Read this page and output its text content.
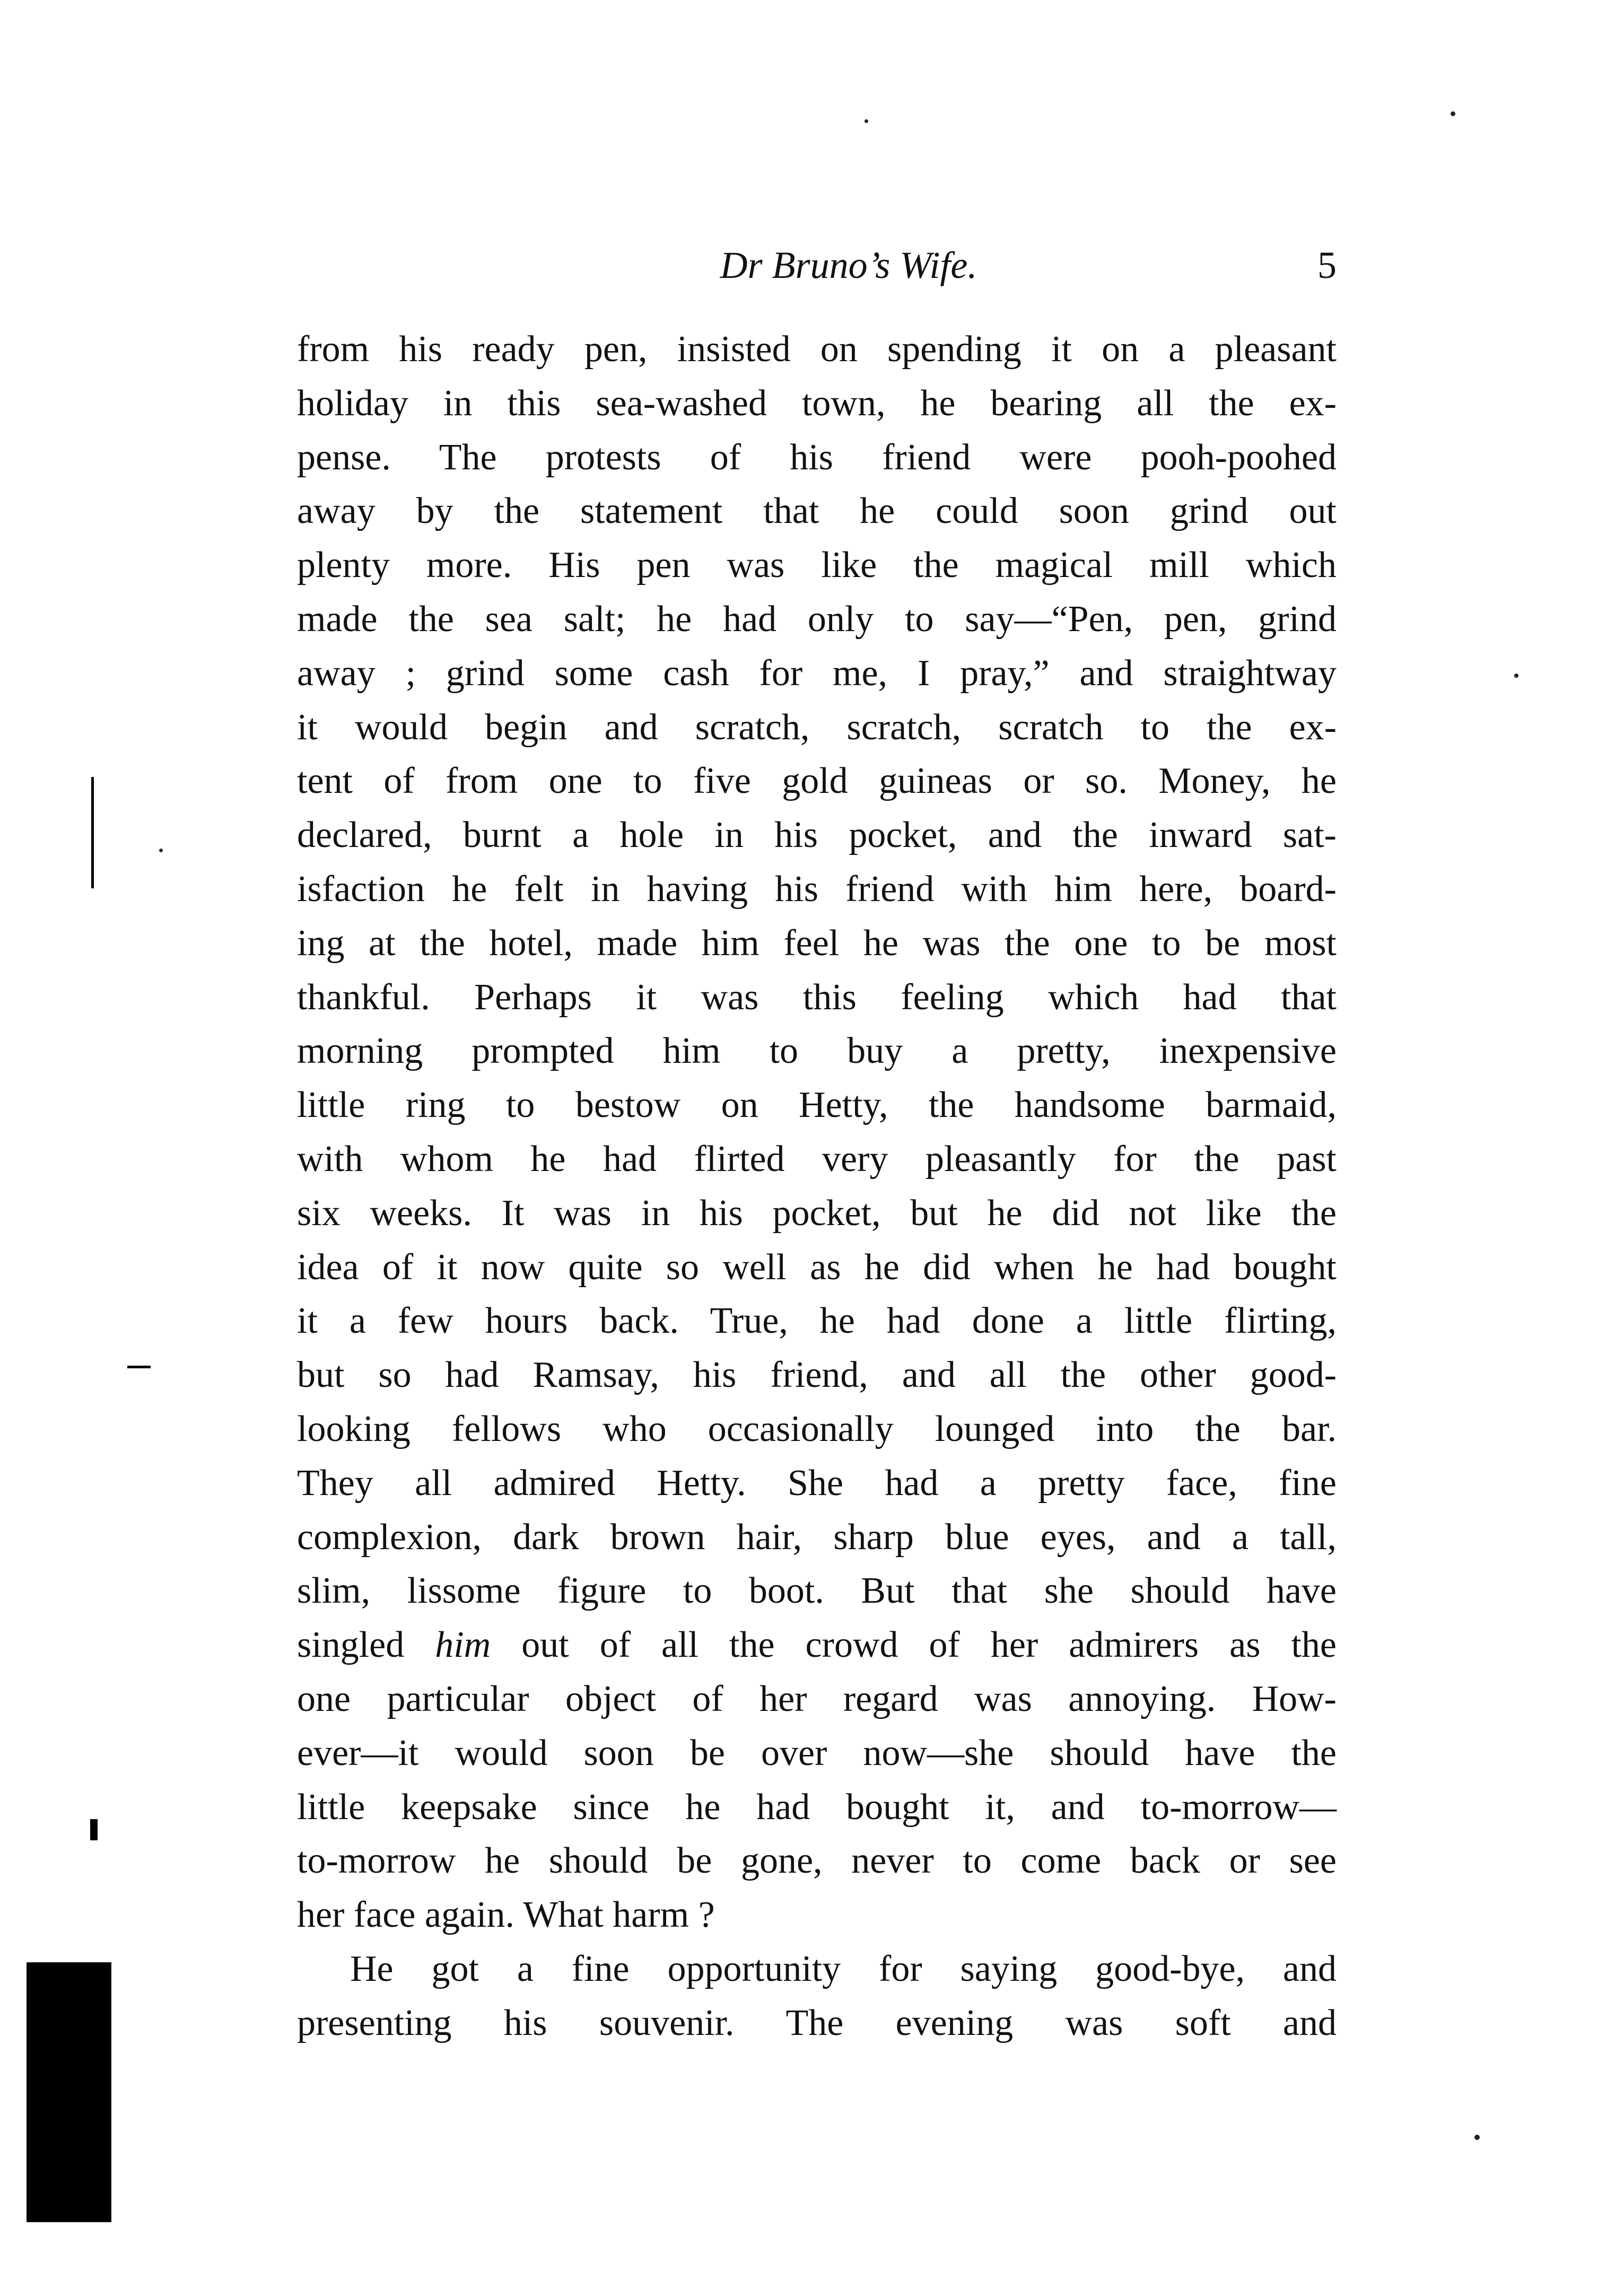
Dr Bruno’s Wife.	5
from his ready pen, insisted on spending it on a pleasant
holiday in this sea-washed town, he bearing all the ex-
pense. The protests of his friend were pooh-poohed
away by the statement that he could soon grind out
plenty more. His pen was like the magical mill which
made the sea salt; he had only to say—“Pen, pen, grind
away ; grind some cash for me, I pray,” and straightway
it would begin and scratch, scratch, scratch to the ex-
tent of from one to five gold guineas or so. Money, he
declared, burnt a hole in his pocket, and the inward sat-
isfaction he felt in having his friend with him here, board-
ing at the hotel, made him feel he was the one to be most
thankful. Perhaps it was this feeling which had that
morning prompted him to buy a pretty, inexpensive
little ring to bestow on Hetty, the handsome barmaid,
with whom he had flirted very pleasantly for the past
six weeks. It was in his pocket, but he did not like the
idea of it now quite so well as he did when he had bought
it a few hours back. True, he had done a little flirting,
but so had Ramsay, his friend, and all the other good-
looking fellows who occasionally lounged into the bar.
They all admired Hetty. She had a pretty face, fine
complexion, dark brown hair, sharp blue eyes, and a tall,
slim, lissome figure to boot. But that she should have
singled him out of all the crowd of her admirers as the
one particular object of her regard was annoying. How-
ever—it would soon be over now—she should have the
little keepsake since he had bought it, and to-morrow—
to-morrow he should be gone, never to come back or see
her face again. What harm ?
He got a fine opportunity for saying good-bye, and
presenting his souvenir. The evening was soft and
